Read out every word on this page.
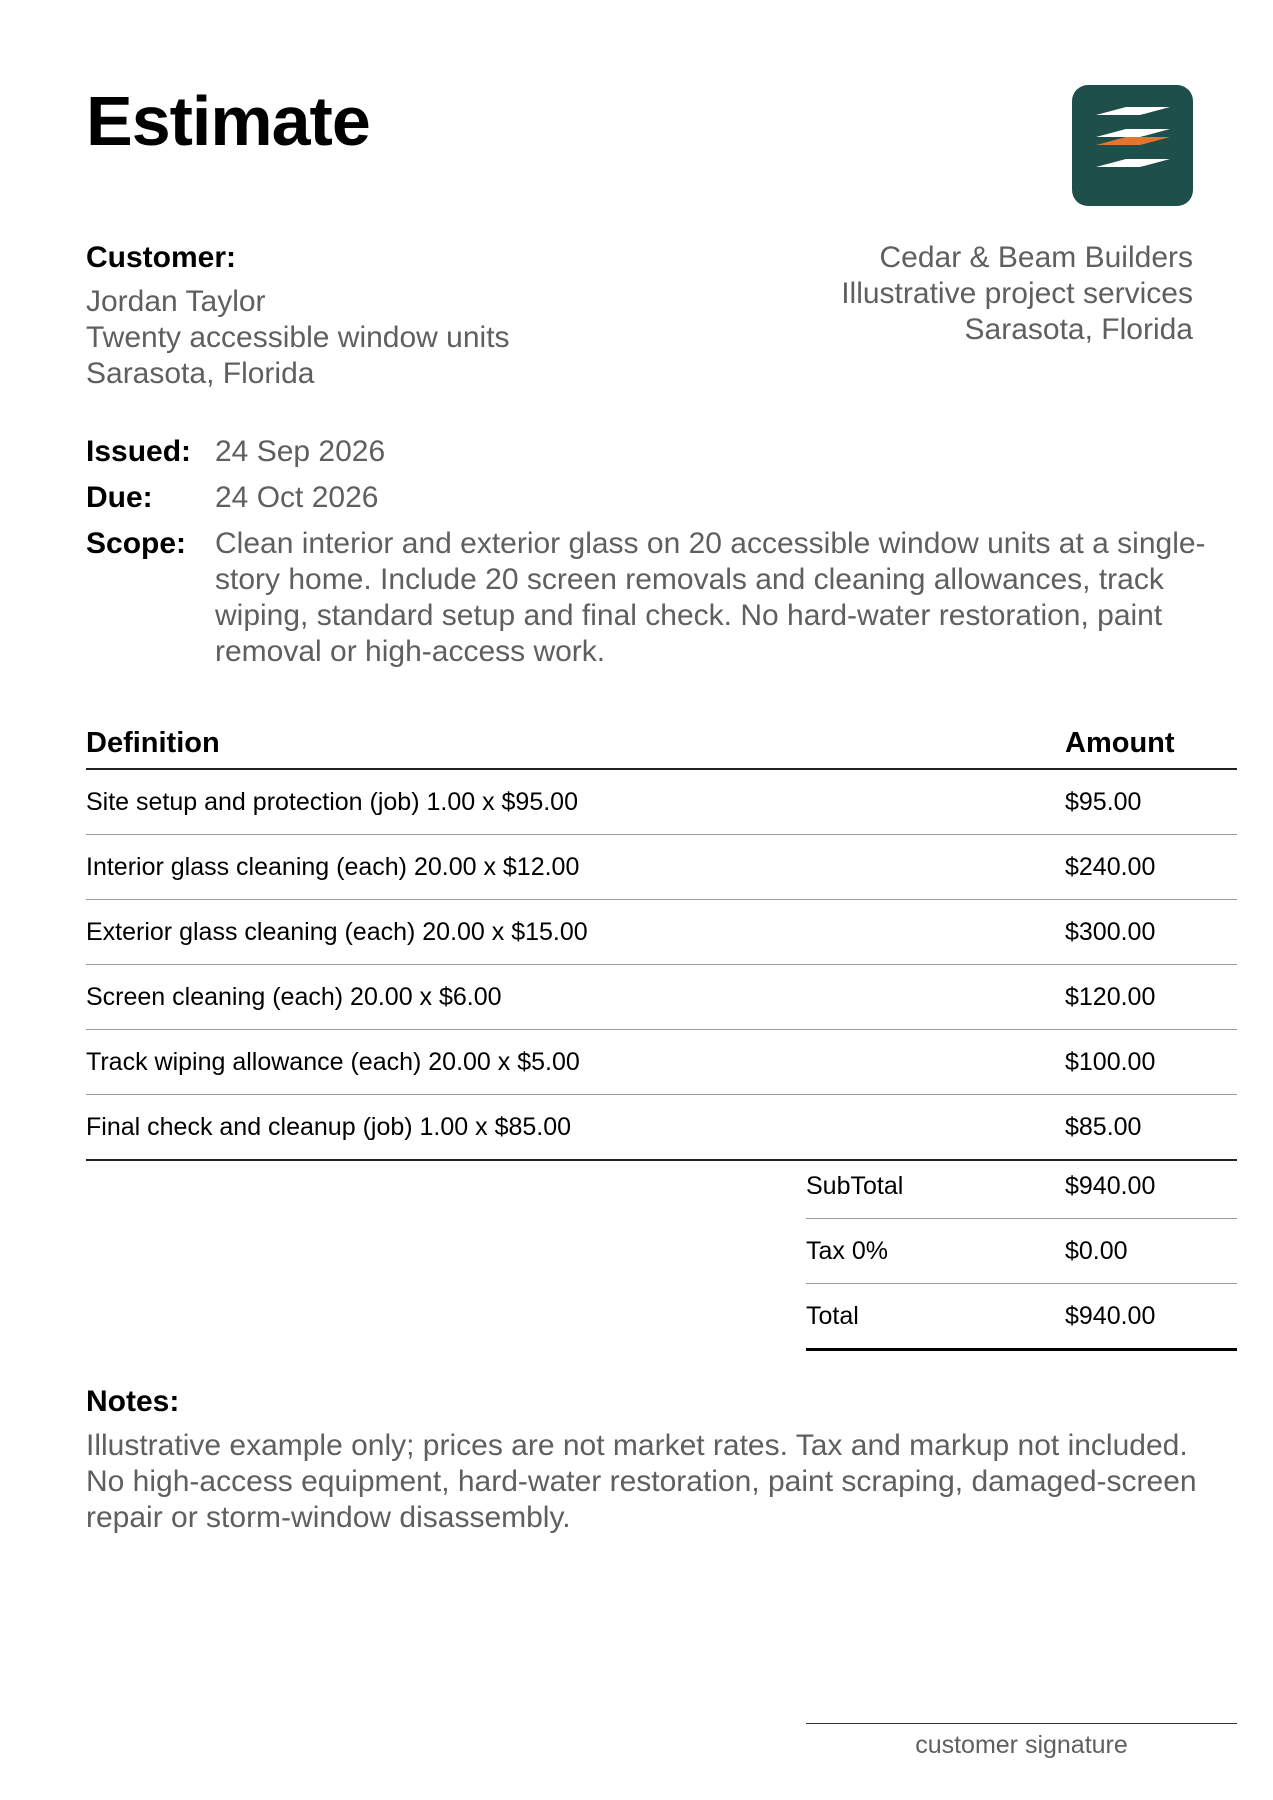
Estimate
Customer:
Jordan Taylor
Twenty accessible window units
Sarasota, Florida
Cedar & Beam Builders
Illustrative project services
Sarasota, Florida
Issued: 24 Sep 2026
Due:	24 Oct 2026
Scope: Clean interior and exterior glass on 20 accessible window units at a single-story home. Include 20 screen removals and cleaning allowances, track wiping, standard setup and final check. No hard-water restoration, paint removal or high-access work.
Definition	Amount
Site setup and protection (job) 1.00 x $95.00	$95.00
Interior glass cleaning (each) 20.00 x $12.00	$240.00
Exterior glass cleaning (each) 20.00 x $15.00	$300.00
Screen cleaning (each) 20.00 x $6.00	$120.00
Track wiping allowance (each) 20.00 x $5.00	$100.00
Final check and cleanup (job) 1.00 x $85.00	$85.00
SubTotal	$940.00
Tax 0%	$0.00
Total	$940.00
Notes:
Illustrative example only; prices are not market rates. Tax and markup not included. No high-access equipment, hard-water restoration, paint scraping, damaged-screen repair or storm-window disassembly.
customer signature
